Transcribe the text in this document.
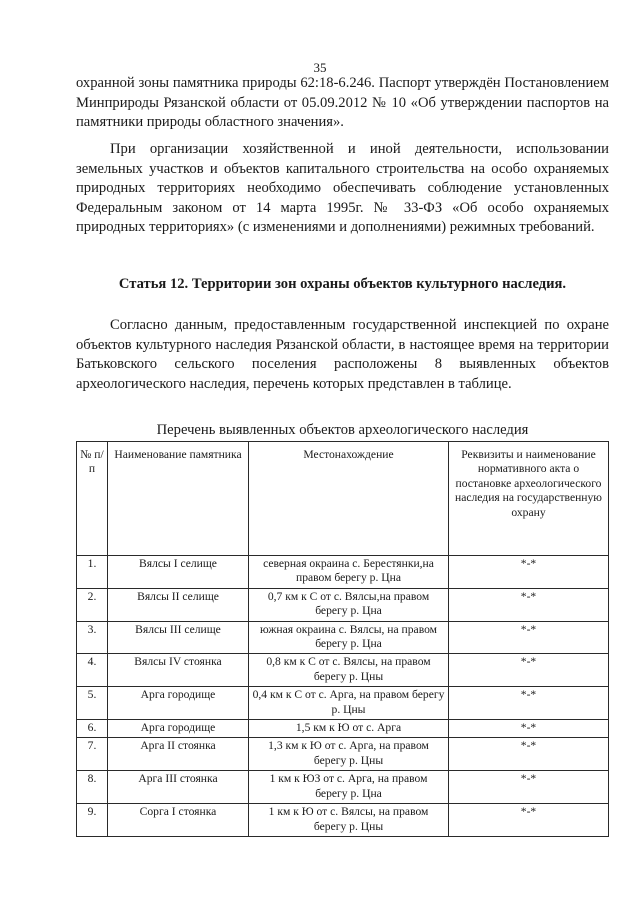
35

охранной зоны памятника природы 62:18-6.246. Паспорт утверждён Постановлением Минприроды Рязанской области от 05.09.2012 № 10 «Об утверждении паспортов на памятники природы областного значения».

При организации хозяйственной и иной деятельности, использовании земельных участков и объектов капитального строительства на особо охраняемых природных территориях необходимо обеспечивать соблюдение установленных Федеральным законом от 14 марта 1995г. № 33-ФЗ «Об особо охраняемых природных территориях» (с изменениями и дополнениями) режимных требований.

Статья 12. Территории зон охраны объектов культурного наследия.

Согласно данным, предоставленным государственной инспекцией по охране объектов культурного наследия Рязанской области, в настоящее время на территории Батьковского сельского поселения расположены 8 выявленных объектов археологического наследия, перечень которых представлен в таблице.

Перечень выявленных объектов археологического наследия
№ п/п	Наименование памятника	Местонахождение	Реквизиты и наименование нормативного акта о постановке археологического наследия на государственную охрану
1.	Вялсы I селище	северная окраина с. Берестянки,на правом берегу р. Цна	*-*
2.	Вялсы II селище	0,7 км к С от с. Вялсы,на правом берегу р. Цна	*-*
3.	Вялсы III селище	южная окраина с. Вялсы, на правом берегу р. Цна	*-*
4.	Вялсы IV стоянка	0,8 км к С от с. Вялсы, на правом берегу р. Цны	*-*
5.	Арга городище	0,4 км к С от с. Арга, на правом берегу р. Цны	*-*
6.	Арга городище	1,5 км к Ю от с. Арга	*-*
7.	Арга II стоянка	1,3 км к Ю от с. Арга, на правом берегу р. Цны	*-*
8.	Арга III стоянка	1 км к ЮЗ от с. Арга, на правом берегу р. Цна	*-*
9.	Сорга I стоянка	1 км к Ю от с. Вялсы, на правом берегу р. Цны	*-*
